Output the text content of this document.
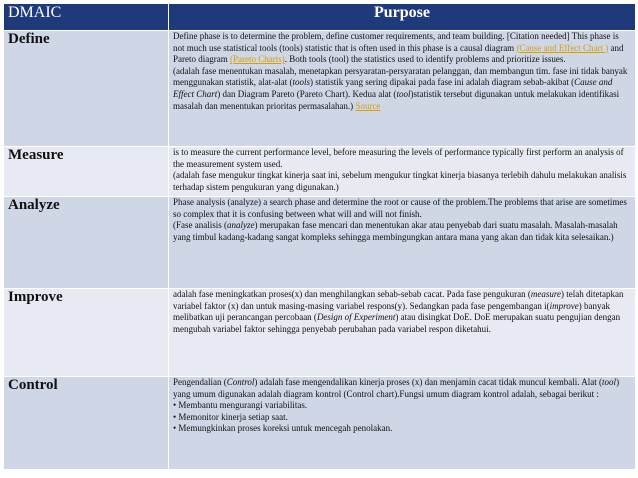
DMAIC	Purpose
Define	Define phase is to determine the problem, define customer requirements, and team building. [Citation needed] This phase is not much use statistical tools (tools) statistic that is often used in this phase is a causal diagram (Cause and Effect Chart ) and Pareto diagram (Pareto Charts). Both tools (tool) the statistics used to identify problems and prioritize issues.
(adalah fase menentukan masalah, menetapkan persyaratan-persyaratan pelanggan, dan membangun tim. fase ini tidak banyak menggunakan statistik, alat-alat (tools) statistik yang sering dipakai pada fase ini adalah diagram sebab-akibat (Cause and Effect Chart) dan Diagram Pareto (Pareto Chart). Kedua alat (tool)statistik tersebut digunakan untuk melakukan identifikasi masalah dan menentukan prioritas permasalahan.) Source

Measure	is to measure the current performance level, before measuring the levels of performance typically first perform an analysis of the measurement system used.
(adalah fase mengukur tingkat kinerja saat ini, sebelum mengukur tingkat kinerja biasanya terlebih dahulu melakukan analisis terhadap sistem pengukuran yang digunakan.)

Analyze	Phase analysis (analyze) a search phase and determine the root or cause of the problem.The problems that arise are sometimes so complex that it is confusing between what will and will not finish.
(Fase analisis (analyze) merupakan fase mencari dan menentukan akar atau penyebab dari suatu masalah. Masalah-masalah yang timbul kadang-kadang sangat kompleks sehingga membingungkan antara mana yang akan dan tidak kita selesaikan.)

Improve	adalah fase meningkatkan proses(x) dan menghilangkan sebab-sebab cacat. Pada fase pengukuran (measure) telah ditetapkan variabel faktor (x) dan untuk masing-masing variabel respons(y). Sedangkan pada fase pengembangan i(improve) banyak melibatkan uji perancangan percobaan (Design of Experiment) atau disingkat DoE. DoE merupakan suatu pengujian dengan mengubah variabel faktor sehingga penyebab perubahan pada variabel respon diketahui.

Control	Pengendalian (Control) adalah fase mengendalikan kinerja proses (x) dan menjamin cacat tidak muncul kembali. Alat (tool) yang umum digunakan adalah diagram kontrol (Control chart).Fungsi umum diagram kontrol adalah, sebagai berikut :
• Membantu mengurangi variabilitas.
• Memonitor kinerja setiap saat.
• Memungkinkan proses koreksi untuk mencegah penolakan.
